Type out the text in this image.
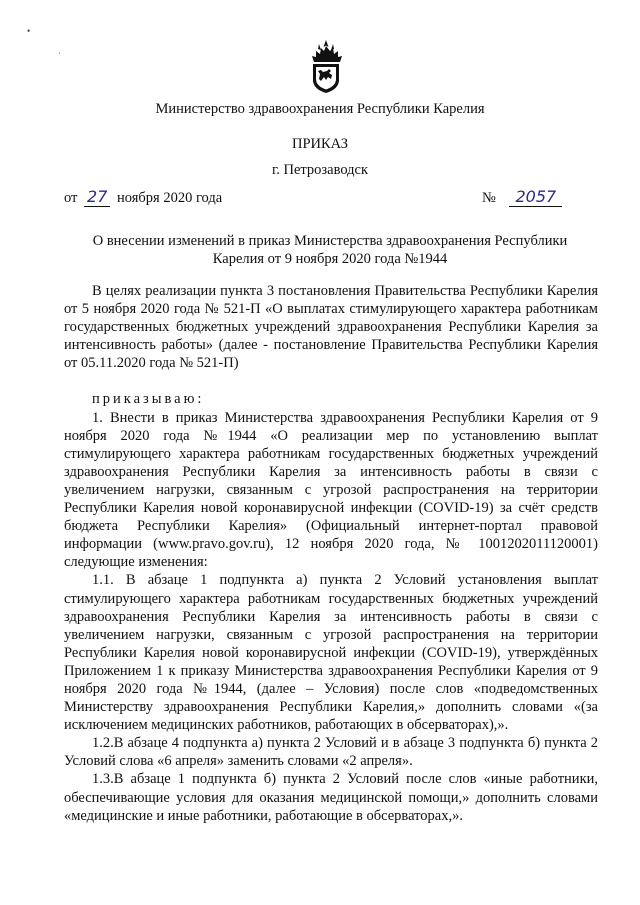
•
ˌ
Министерство здравоохранения Республики Карелия
ПРИКАЗ
г. Петрозаводск
от 27 ноября 2020 года	№ 2057
О внесении изменений в приказ Министерства здравоохранения Республики Карелия от 9 ноября 2020 года №1944

В целях реализации пункта 3 постановления Правительства Республики Карелия от 5 ноября 2020 года № 521-П «О выплатах стимулирующего характера работникам государственных бюджетных учреждений здравоохранения Республики Карелия за интенсивность работы» (далее - постановление Правительства Республики Карелия от 05.11.2020 года № 521-П)

приказываю:

1. Внести в приказ Министерства здравоохранения Республики Карелия от 9 ноября 2020 года №1944 «О реализации мер по установлению выплат стимулирующего характера работникам государственных бюджетных учреждений здравоохранения Республики Карелия за интенсивность работы в связи с увеличением нагрузки, связанным с угрозой распространения на территории Республики Карелия новой коронавирусной инфекции (COVID-19) за счёт средств бюджета Республики Карелия» (Официальный интернет-портал правовой информации (www.pravo.gov.ru), 12 ноября 2020 года, № 1001202011120001) следующие изменения:

1.1. В абзаце 1 подпункта а) пункта 2 Условий установления выплат стимулирующего характера работникам государственных бюджетных учреждений здравоохранения Республики Карелия за интенсивность работы в связи с увеличением нагрузки, связанным с угрозой распространения на территории Республики Карелия новой коронавирусной инфекции (COVID-19), утверждённых Приложением 1 к приказу Министерства здравоохранения Республики Карелия от 9 ноября 2020 года №1944, (далее – Условия) после слов «подведомственных Министерству здравоохранения Республики Карелия,» дополнить словами «(за исключением медицинских работников, работающих в обсерваторах),».

1.2.В абзаце 4 подпункта а) пункта 2 Условий и в абзаце 3 подпункта б) пункта 2 Условий слова «6 апреля» заменить словами «2 апреля».

1.3.В абзаце 1 подпункта б) пункта 2 Условий после слов «иные работники, обеспечивающие условия для оказания медицинской помощи,» дополнить словами «медицинские и иные работники, работающие в обсерваторах,».
